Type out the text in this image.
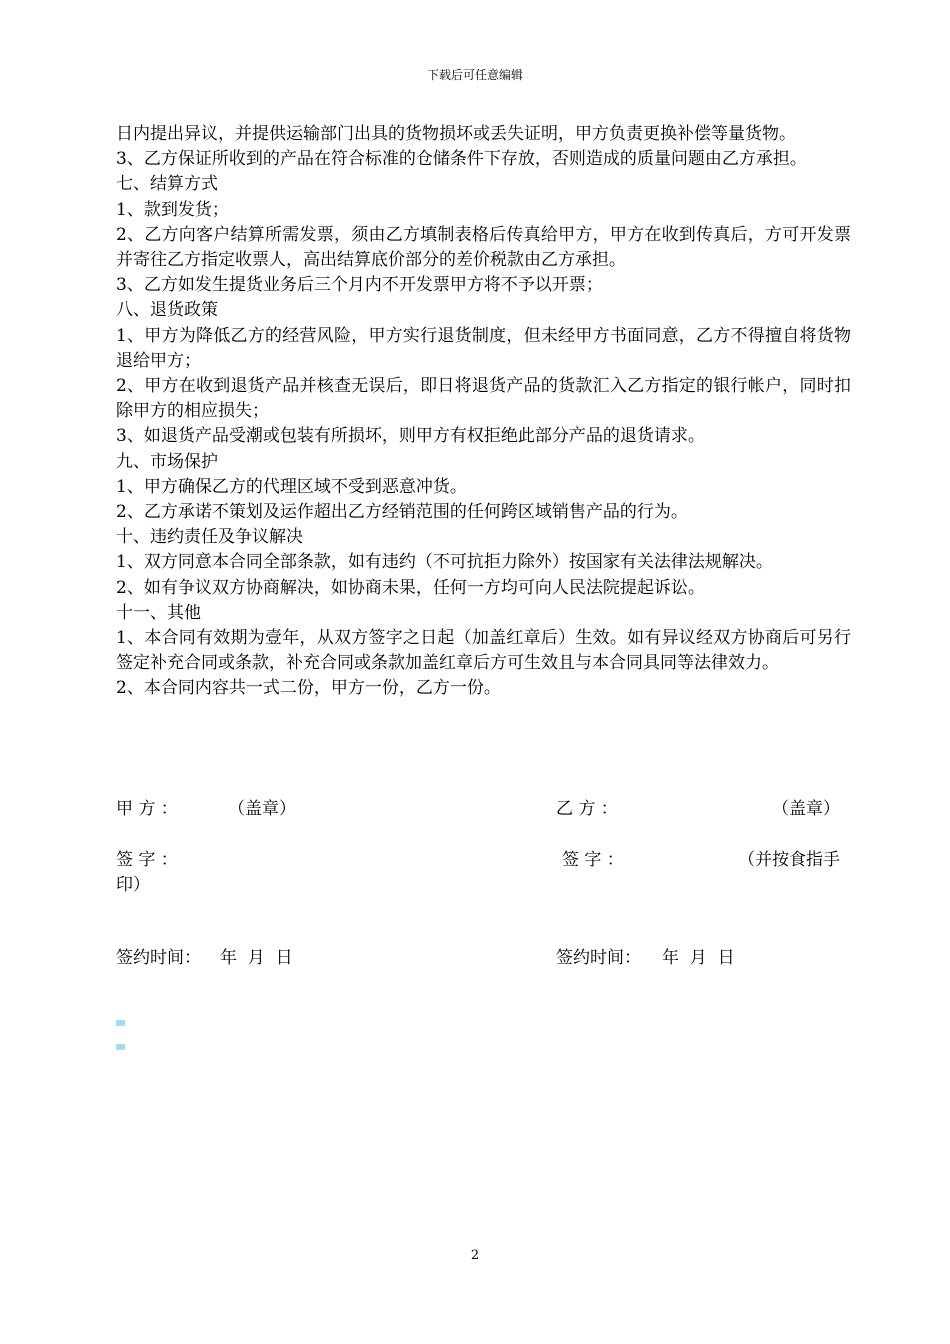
下载后可任意编辑

日内提出异议，并提供运输部门出具的货物损坏或丢失证明，甲方负责更换补偿等量货物。

3、乙方保证所收到的产品在符合标准的仓储条件下存放，否则造成的质量问题由乙方承担。

七、结算方式

1、款到发货；

2、乙方向客户结算所需发票，须由乙方填制表格后传真给甲方，甲方在收到传真后，方可开发票并寄往乙方指定收票人，高出结算底价部分的差价税款由乙方承担。

3、乙方如发生提货业务后三个月内不开发票甲方将不予以开票；

八、退货政策

1、甲方为降低乙方的经营风险，甲方实行退货制度，但未经甲方书面同意，乙方不得擅自将货物退给甲方；

2、甲方在收到退货产品并核查无误后，即日将退货产品的货款汇入乙方指定的银行帐户，同时扣除甲方的相应损失；

3、如退货产品受潮或包装有所损坏，则甲方有权拒绝此部分产品的退货请求。

九、市场保护

1、甲方确保乙方的代理区域不受到恶意冲货。

2、乙方承诺不策划及运作超出乙方经销范围的任何跨区域销售产品的行为。

十、违约责任及争议解决

1、双方同意本合同全部条款，如有违约（不可抗拒力除外）按国家有关法律法规解决。

2、如有争议双方协商解决，如协商未果，任何一方均可向人民法院提起诉讼。

十一、其他

1、本合同有效期为壹年，从双方签字之日起（加盖红章后）生效。如有异议经双方协商后可另行签定补充合同或条款，补充合同或条款加盖红章后方可生效且与本合同具同等法律效力。

2、本合同内容共一式二份，甲方一份，乙方一份。

甲 方 ：	（盖章）	乙 方 ：	（盖章）
签 字 ：	签 字 ：	（并按食指手
印）
签约时间： 年  月  日	签约时间： 年  月  日
2
